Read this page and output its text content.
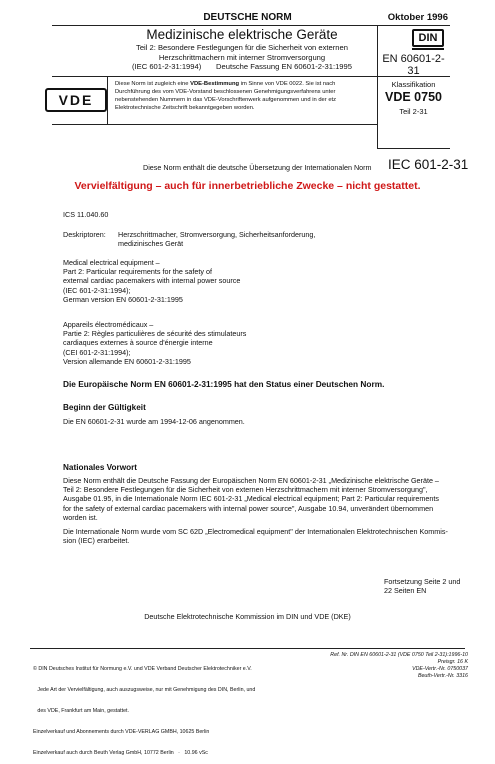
DEUTSCHE NORM	Oktober 1996
Medizinische elektrische Geräte
Teil 2: Besondere Festlegungen für die Sicherheit von externen
Herzschrittmachern mit interner Stromversorgung
(IEC 601-2-31:1994)       Deutsche Fassung EN 60601-2-31:1995
DIN
EN 60601-2-31
VDE
Diese Norm ist zugleich eine VDE-Bestimmung im Sinne von VDE 0022. Sie ist nach
Durchführung des vom VDE-Vorstand beschlossenen Genehmigungsverfahrens unter
nebenstehenden Nummern in das VDE-Vorschriftenwerk aufgenommen und in der etz
Elektrotechnische Zeitschrift bekanntgegeben worden.
Klassifikation
VDE 0750
Teil 2-31
Diese Norm enthält die deutsche Übersetzung der Internationalen Norm IEC 601-2-31
Vervielfältigung – auch für innerbetriebliche Zwecke – nicht gestattet.
ICS 11.040.60
Deskriptoren: Herzschrittmacher, Stromversorgung, Sicherheitsanforderung,
medizinisches Gerät
Medical electrical equipment –
Part 2: Particular requirements for the safety of
external cardiac pacemakers with internal power source
(IEC 601-2-31:1994);
German version EN 60601-2-31:1995
Appareils électromédicaux –
Partie 2: Règles particulières de sécurité des stimulateurs
cardiaques externes à source d'énergie interne
(CEI 601-2-31:1994);
Version allemande EN 60601-2-31:1995
Die Europäische Norm EN 60601-2-31:1995 hat den Status einer Deutschen Norm.
Beginn der Gültigkeit
Die EN 60601-2-31 wurde am 1994-12-06 angenommen.
Nationales Vorwort
Diese Norm enthält die Deutsche Fassung der Europäischen Norm EN 60601-2-31 „Medizinische elektrische Geräte –
Teil 2: Besondere Festlegungen für die Sicherheit von externen Herzschrittmachern mit interner Stromversorgung",
Ausgabe 01.95, in die Internationale Norm IEC 601-2-31 „Medical electrical equipment; Part 2: Particular requirements
for the safety of external cardiac pacemakers with internal power source", Ausgabe 10.94, unverändert übernommen
worden ist.
Die Internationale Norm wurde vom SC 62D „Electromedical equipment" der Internationalen Elektrotechnischen Kommis-
sion (IEC) erarbeitet.
Fortsetzung Seite 2 und
22 Seiten EN
Deutsche Elektrotechnische Kommission im DIN und VDE (DKE)

© DIN Deutsches Institut für Normung e.V. und VDE Verband Deutscher Elektrotechniker e.V.

Jede Art der Vervielfältigung, auch auszugsweise, nur mit Genehmigung des DIN, Berlin, und

des VDE, Frankfurt am Main, gestattet.

Einzelverkauf und Abonnements durch VDE-VERLAG GMBH, 10625 Berlin

Einzelverkauf auch durch Beuth Verlag GmbH, 10772 Berlin   ·   10.96 vSc

Ref. Nr. DIN EN 60601-2-31 (VDE 0750 Teil 2-31):1996-10
Preisgr. 16 K
VDE-Vertr.-Nr. 0750037
Beuth-Vertr.-Nr. 3316
